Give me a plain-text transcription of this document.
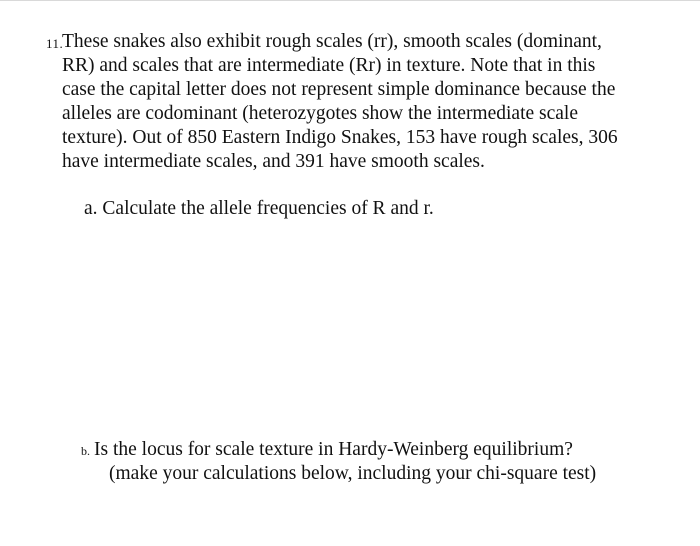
11.
These snakes also exhibit rough scales (rr), smooth scales (dominant,
RR) and scales that are intermediate (Rr) in texture. Note that in this
case the capital letter does not represent simple dominance because the
alleles are codominant (heterozygotes show the intermediate scale
texture). Out of 850 Eastern Indigo Snakes, 153 have rough scales, 306
have intermediate scales, and 391 have smooth scales.
a. Calculate the allele frequencies of R and r.
b. Is the locus for scale texture in Hardy-Weinberg equilibrium?
(make your calculations below, including your chi-square test)
